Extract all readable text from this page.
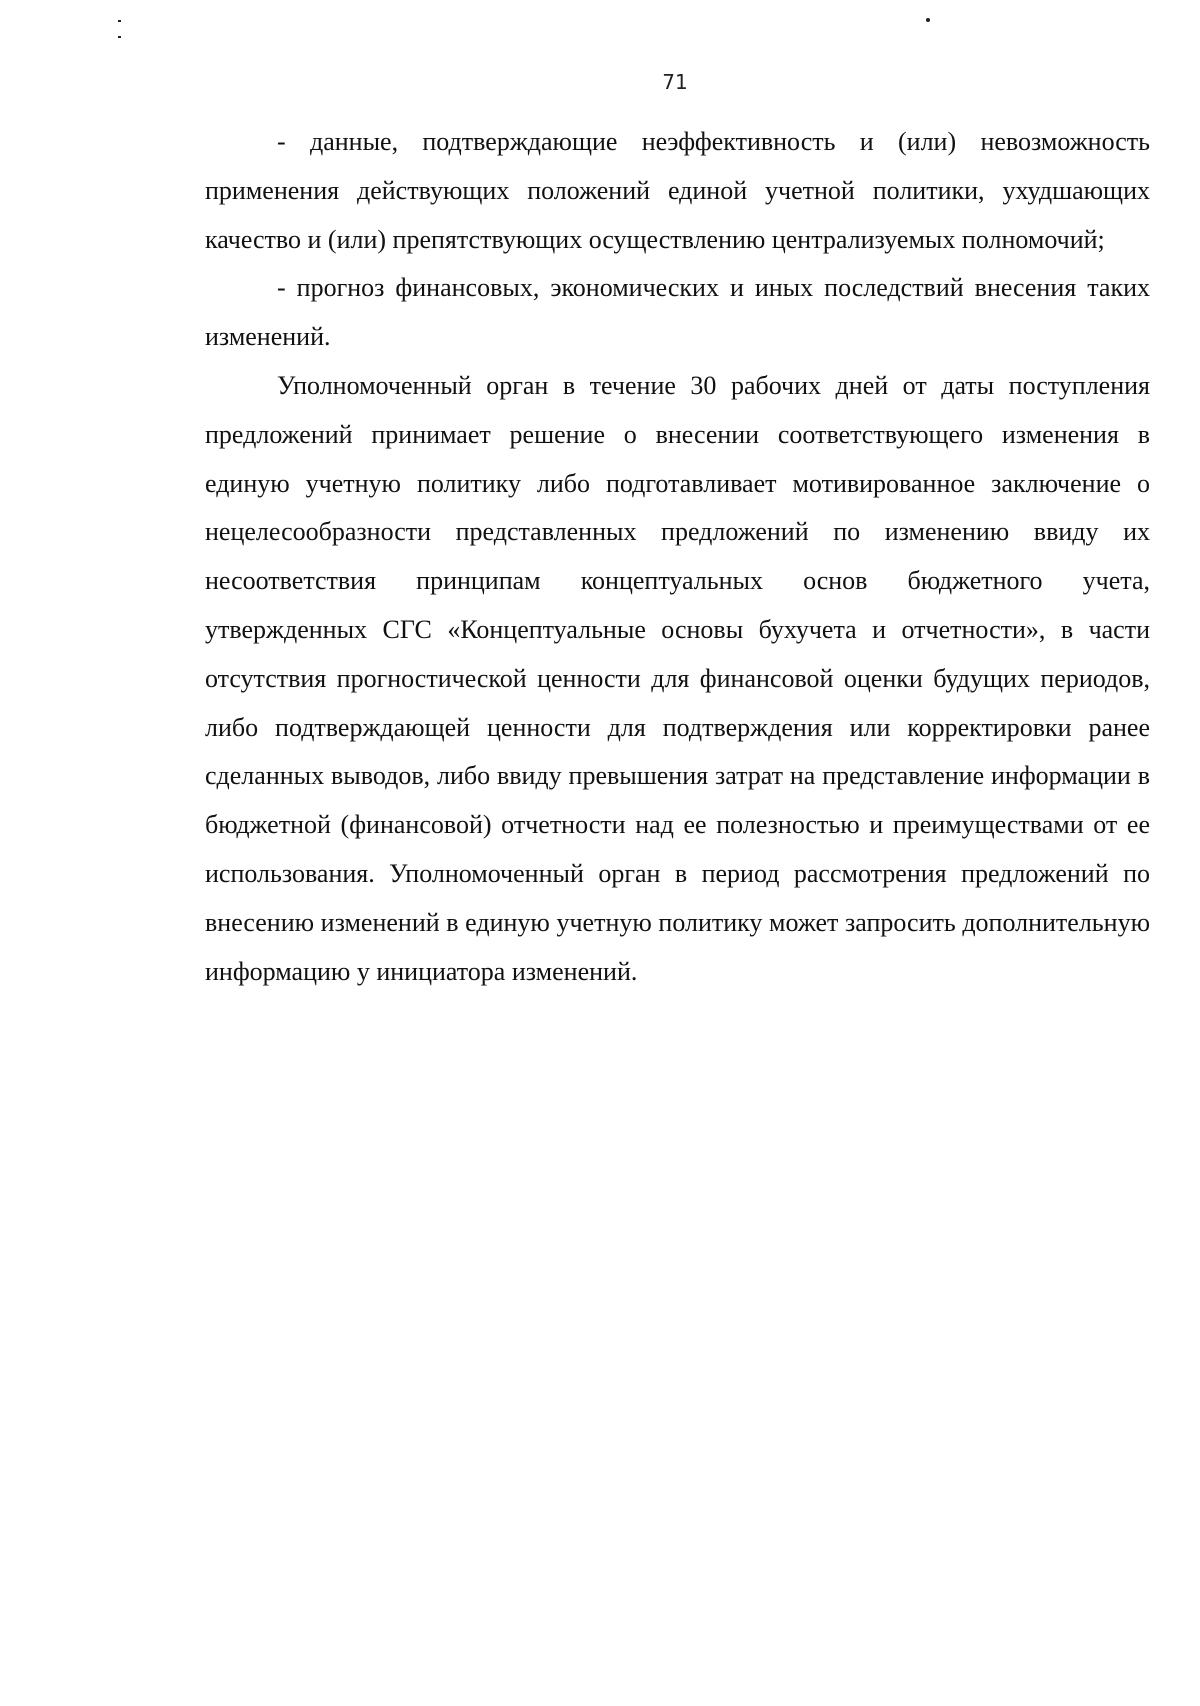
71

- данные, подтверждающие неэффективность и (или) невозможность применения действующих положений единой учетной политики, ухудшающих качество и (или) препятствующих осуществлению централизуемых полномочий;

- прогноз финансовых, экономических и иных последствий внесения таких изменений.

Уполномоченный орган в течение 30 рабочих дней от даты поступления предложений принимает решение о внесении соответствующего изменения в единую учетную политику либо подготавливает мотивированное заключение о нецелесообразности представленных предложений по изменению ввиду их несоответствия принципам концептуальных основ бюджетного учета, утвержденных СГС «Концептуальные основы бухучета и отчетности», в части отсутствия прогностической ценности для финансовой оценки будущих периодов, либо подтверждающей ценности для подтверждения или корректировки ранее сделанных выводов, либо ввиду превышения затрат на представление информации в бюджетной (финансовой) отчетности над ее полезностью и преимуществами от ее использования. Уполномоченный орган в период рассмотрения предложений по внесению изменений в единую учетную политику может запросить дополнительную информацию у инициатора изменений.
